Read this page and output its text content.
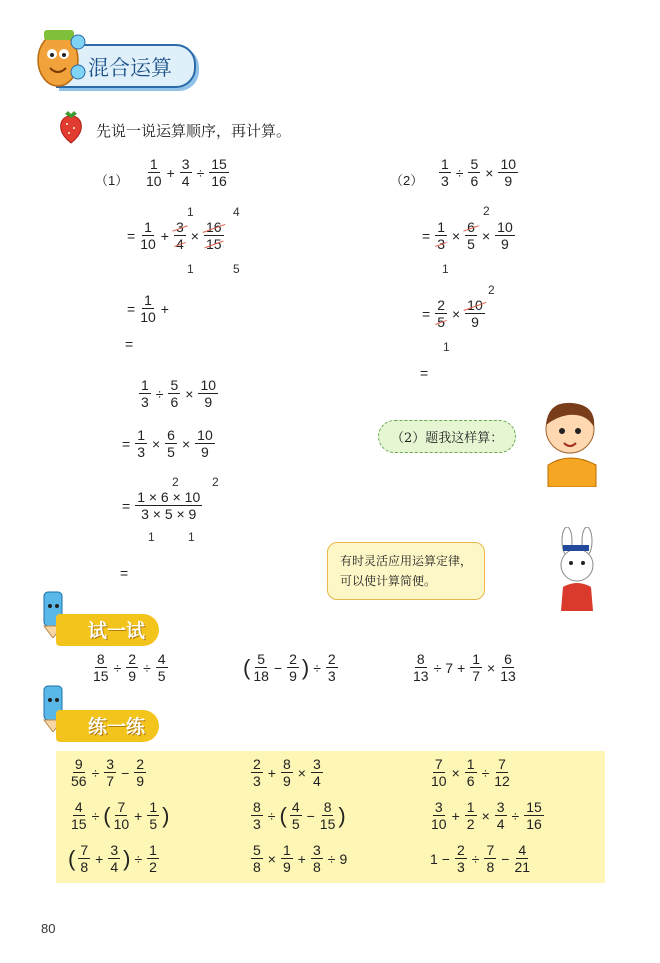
混合运算
先说一说运算顺序，再计算。
$(1) \frac{1}{10} + \frac{3}{4} \div \frac{15}{16}$
1	4
= $\frac{1}{10} + \frac{3}{4} \times \frac{16}{15}$
1	5
= $\frac{1}{10}$ +
=
$(2) \frac{1}{3} \div \frac{5}{6} \times \frac{10}{9}$
2
= $\frac{1}{3} \times \frac{6}{5} \times \frac{10}{9}$
1
2
= $\frac{2}{5} \times \frac{10}{9}$
1
=
$\frac{1}{3} \div \frac{5}{6} \times \frac{10}{9}$
= $\frac{1}{3} \times \frac{6}{5} \times \frac{10}{9}$
2	2
= $\frac{1 \times 6 \times 10}{3 \times 5 \times 9}$
1	1
=
（2）题我这样算：
有时灵活应用运算定律，
可以使计算简便。
试一试
$\frac{8}{15} \div \frac{2}{9} \div \frac{4}{5}$	( $\frac{5}{18} - \frac{2}{9}$ ) ÷ $\frac{2}{3}$	$\frac{8}{13} \div 7 + \frac{1}{7} \times \frac{6}{13}$
练一练
$\frac{9}{56} \div \frac{3}{7} - \frac{2}{9}$	$\frac{2}{3} + \frac{8}{9} \times \frac{3}{4}$	$\frac{7}{10} \times \frac{1}{6} \div \frac{7}{12}$
$\frac{4}{15}$ ÷ ( $\frac{7}{10} + \frac{1}{5}$ )	$\frac{8}{3}$ ÷ ( $\frac{4}{5} - \frac{8}{15}$ )	$\frac{3}{10} + \frac{1}{2} \times \frac{3}{4} \div \frac{15}{16}$
( $\frac{7}{8} + \frac{3}{4}$ ) ÷ $\frac{1}{2}$	$\frac{5}{8} \times \frac{1}{9} + \frac{3}{8} \div 9$	$1 - \frac{2}{3} \div \frac{7}{8} - \frac{4}{21}$
80
